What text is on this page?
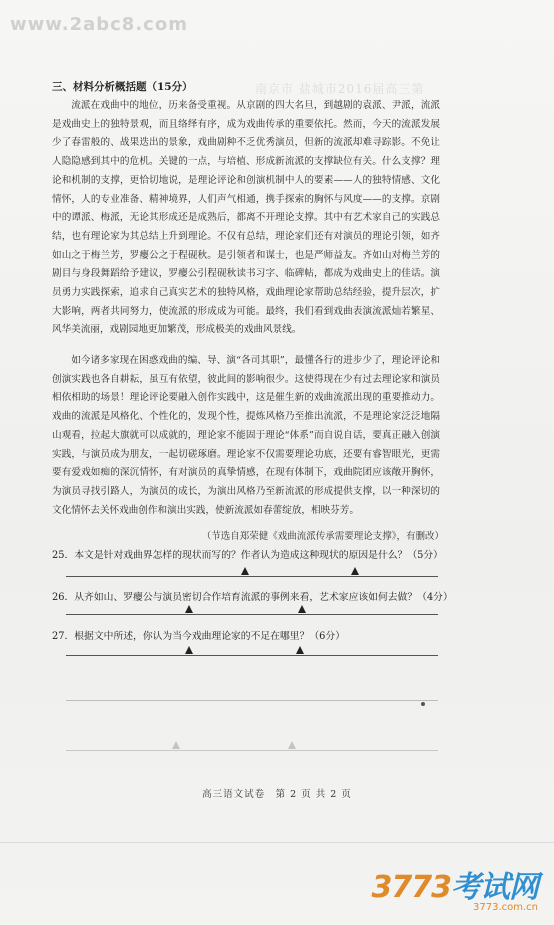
www.2abc8.com
南京市 盐城市2016届高三第
三、材料分析概括题（15分）
流派在戏曲中的地位，历来备受重视。从京剧的四大名旦，到越剧的袁派、尹派，流派是戏曲史上的独特景观，而且络绎有序，成为戏曲传承的重要依托。然而，今天的流派发展少了春雷般的、战果迭出的景象，戏曲剧种不乏优秀演员，但新的流派却难寻踪影。不免让人隐隐感到其中的危机。关键的一点，与培植、形成新流派的支撑缺位有关。什么支撑？理论和机制的支撑，更恰切地说，是理论评论和创演机制中人的要素——人的独特情感、文化情怀，人的专业准备、精神境界，人们声气相通，携手探索的胸怀与风度——的支撑。京剧中的谭派、梅派，无论其形成还是成熟后，都离不开理论支撑。其中有艺术家自己的实践总结，也有理论家为其总结上升到理论。不仅有总结，理论家们还有对演员的理论引领，如齐如山之于梅兰芳，罗瘿公之于程砚秋。是引领者和谋士，也是严师益友。齐如山对梅兰芳的剧目与身段舞蹈给予建议，罗瘿公引程砚秋读书习字、临碑帖，都成为戏曲史上的佳话。演员勇力实践探索，追求自己真实艺术的独特风格，戏曲理论家帮助总结经验，提升层次，扩大影响，两者共同努力，使流派的形成成为可能。最终，我们看到戏曲表演流派灿若繁星、风华美流丽，戏剧园地更加繁茂，形成极美的戏曲风景线。
如今诸多家现在困惑戏曲的编、导、演“各司其职”，最懂各行的进步少了，理论评论和创演实践也各自耕耘，虽互有依望，彼此间的影响很少。这使得现在少有过去理论家和演员相依相助的场景！理论评论要融入创作实践中，这是催生新的戏曲流派出现的重要推动力。戏曲的流派是风格化、个性化的，发现个性，提炼风格乃至推出流派，不是理论家泛泛地隔山观看，拉起大旗就可以成就的，理论家不能固于理论“体系”而自说自话，要真正融入创演实践，与演员成为朋友，一起切磋琢磨。理论家不仅需要理论功底，还要有睿智眼光，更需要有爱戏如痴的深沉情怀，有对演员的真挚情感，在现有体制下，戏曲院团应该敞开胸怀，为演员寻找引路人，为演员的成长，为演出风格乃至新流派的形成提供支撑，以一种深切的文化情怀去关怀戏曲创作和演出实践，使新流派如春蕾绽放，相映芬芳。
（节选自郑荣健《戏曲流派传承需要理论支撑》，有删改）
25．本文是针对戏曲界怎样的现状而写的？作者认为造成这种现状的原因是什么？（5分）
26．从齐如山、罗瘿公与演员密切合作培育流派的事例来看，艺术家应该如何去做？（4分）
27．根据文中所述，你认为当今戏曲理论家的不足在哪里？（6分）
高三语文试卷　第 2 页 共 2 页
3773考试网
3773.com.cn
